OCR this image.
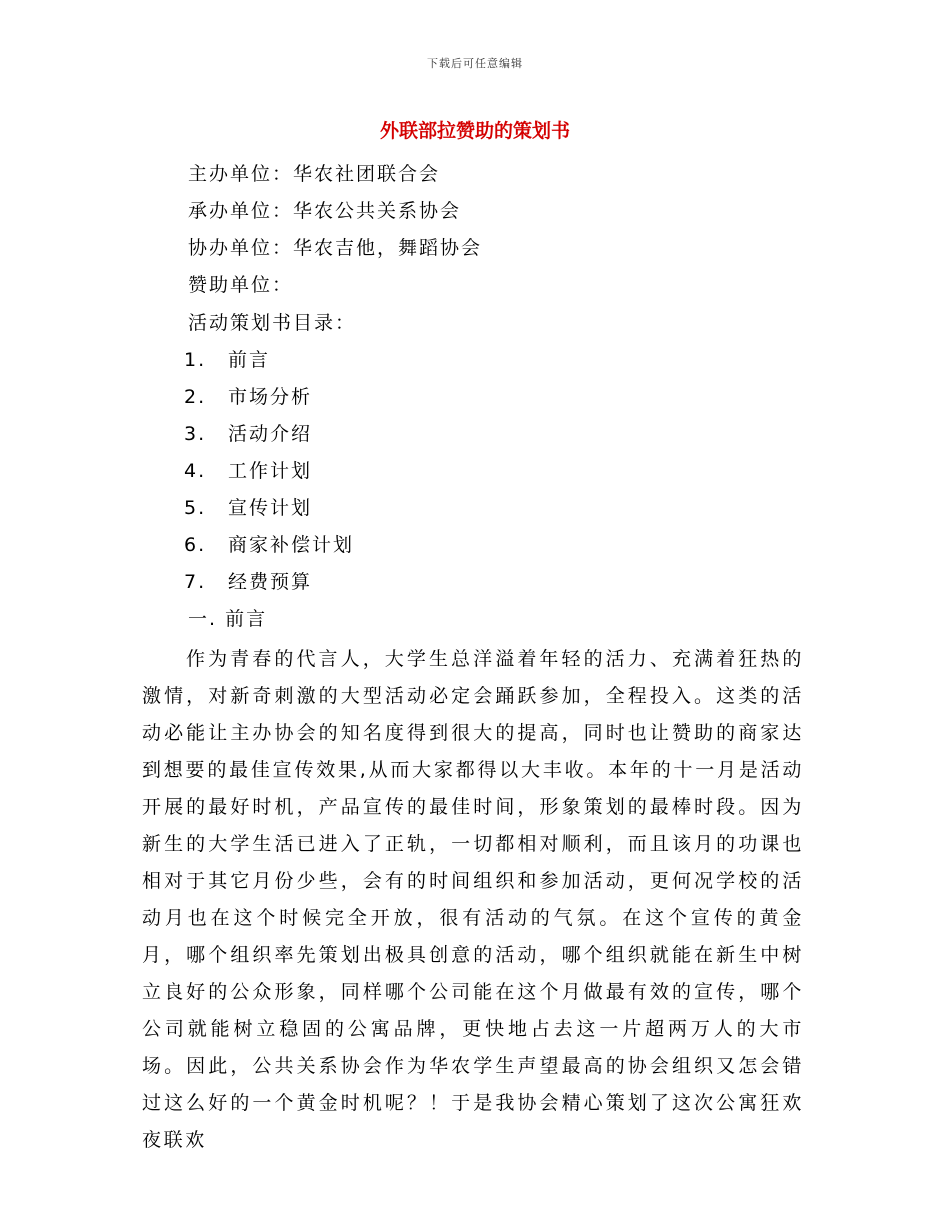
下载后可任意编辑
外联部拉赞助的策划书
主办单位：华农社团联合会
承办单位：华农公共关系协会
协办单位：华农吉他，舞蹈协会
赞助单位：
活动策划书目录：
1. 前言
2. 市场分析
3. 活动介绍
4. 工作计划
5. 宣传计划
6. 商家补偿计划
7. 经费预算
一. 前言

作为青春的代言人，大学生总洋溢着年轻的活力、充满着狂热的激情，对新奇刺激的大型活动必定会踊跃参加，全程投入。这类的活动必能让主办协会的知名度得到很大的提高，同时也让赞助的商家达到想要的最佳宣传效果,从而大家都得以大丰收。本年的十一月是活动开展的最好时机，产品宣传的最佳时间，形象策划的最棒时段。因为新生的大学生活已进入了正轨，一切都相对顺利，而且该月的功课也相对于其它月份少些，会有的时间组织和参加活动，更何况学校的活动月也在这个时候完全开放，很有活动的气氛。在这个宣传的黄金月，哪个组织率先策划出极具创意的活动，哪个组织就能在新生中树立良好的公众形象，同样哪个公司能在这个月做最有效的宣传，哪个公司就能树立稳固的公寓品牌，更快地占去这一片超两万人的大市场。因此，公共关系协会作为华农学生声望最高的协会组织又怎会错过这么好的一个黄金时机呢？！于是我协会精心策划了这次公寓狂欢夜联欢
